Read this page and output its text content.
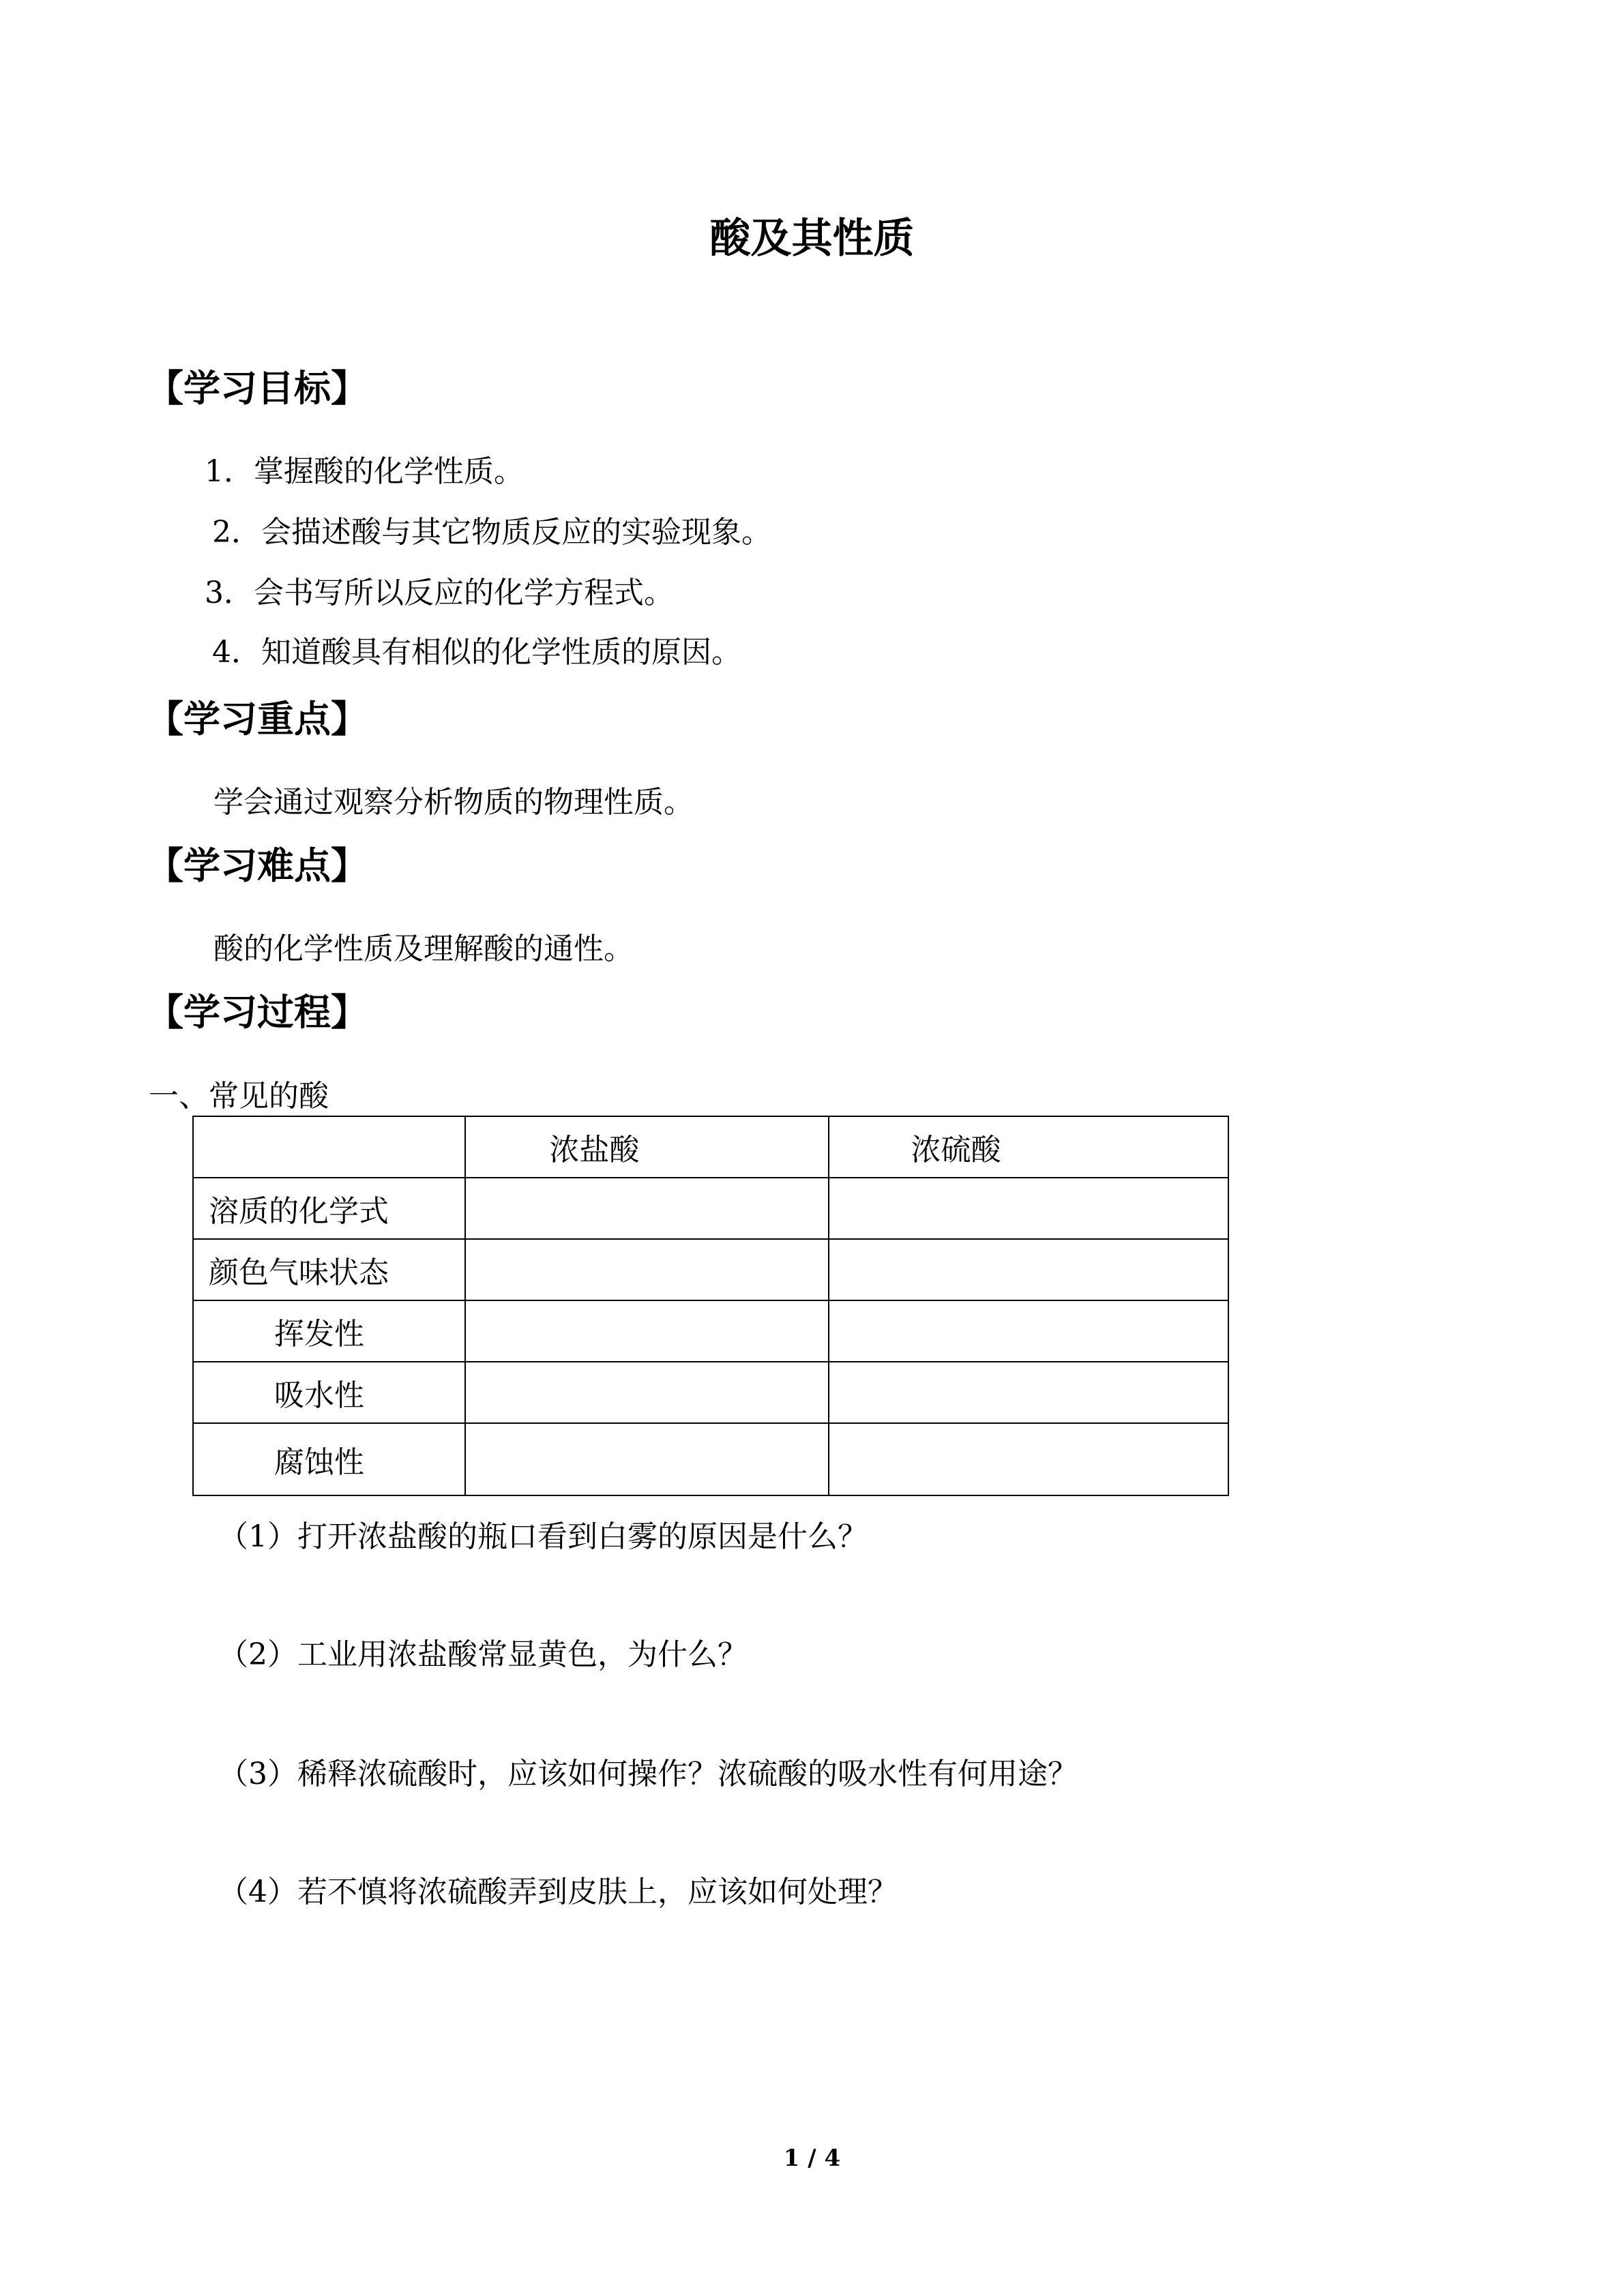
酸及其性质
【学习目标】
1．掌握酸的化学性质。
2．会描述酸与其它物质反应的实验现象。
3．会书写所以反应的化学方程式。
4．知道酸具有相似的化学性质的原因。
【学习重点】
学会通过观察分析物质的物理性质。
【学习难点】
酸的化学性质及理解酸的通性。
【学习过程】
一、常见的酸
	浓盐酸	浓硫酸
溶质的化学式		
颜色气味状态		
挥发性		
吸水性		
腐蚀性		
（1）打开浓盐酸的瓶口看到白雾的原因是什么？
（2）工业用浓盐酸常显黄色，为什么？
（3）稀释浓硫酸时，应该如何操作？浓硫酸的吸水性有何用途？
（4）若不慎将浓硫酸弄到皮肤上，应该如何处理？
1 / 4
